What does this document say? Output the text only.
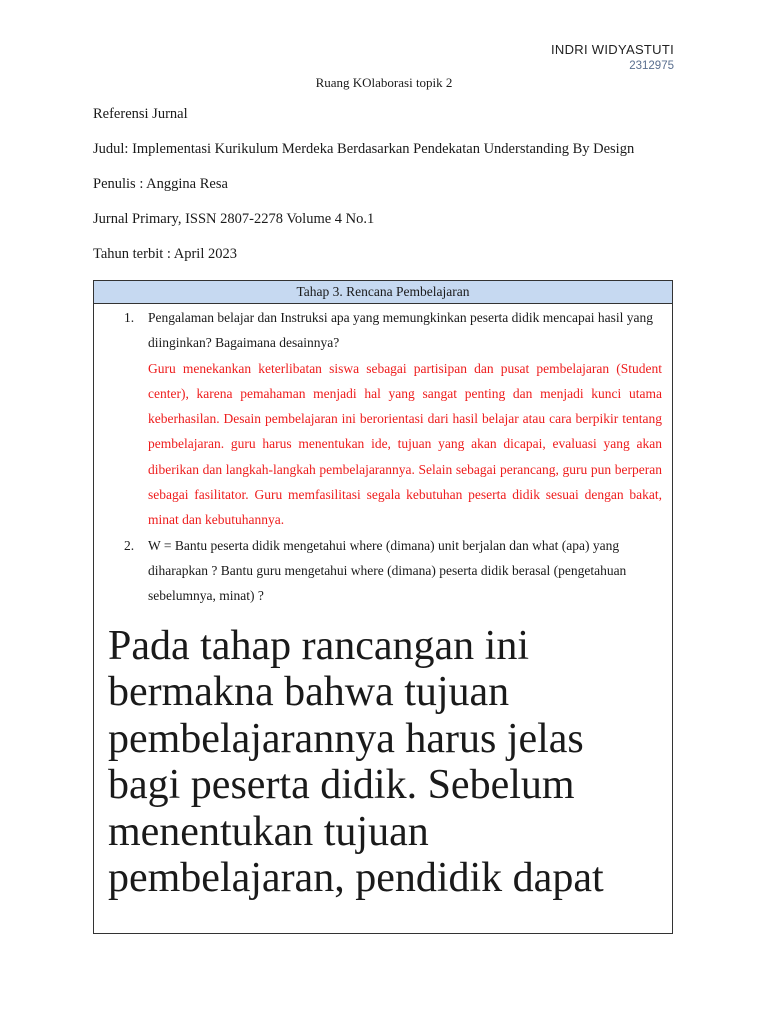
INDRI WIDYASTUTI
2312975
Ruang KOlaborasi topik 2
Referensi Jurnal
Judul: Implementasi Kurikulum Merdeka Berdasarkan Pendekatan Understanding By Design
Penulis : Anggina Resa
Jurnal Primary, ISSN 2807-2278 Volume 4 No.1
Tahun terbit : April 2023
Tahap 3. Rencana Pembelajaran
1. Pengalaman belajar dan Instruksi apa yang memungkinkan peserta didik mencapai hasil yang diinginkan? Bagaimana desainnya?
Guru menekankan keterlibatan siswa sebagai partisipan dan pusat pembelajaran (Student center), karena pemahaman menjadi hal yang sangat penting dan menjadi kunci utama keberhasilan. Desain pembelajaran ini berorientasi dari hasil belajar atau cara berpikir tentang pembelajaran. guru harus menentukan ide, tujuan yang akan dicapai, evaluasi yang akan diberikan dan langkah-langkah pembelajarannya. Selain sebagai perancang, guru pun berperan sebagai fasilitator. Guru memfasilitasi segala kebutuhan peserta didik sesuai dengan bakat, minat dan kebutuhannya.
2. W = Bantu peserta didik mengetahui where (dimana) unit berjalan dan what (apa) yang diharapkan ? Bantu guru mengetahui where (dimana) peserta didik berasal (pengetahuan sebelumnya, minat) ?
Pada tahap rancangan ini bermakna bahwa tujuan pembelajarannya harus jelas bagi peserta didik. Sebelum menentukan tujuan pembelajaran, pendidik dapat
